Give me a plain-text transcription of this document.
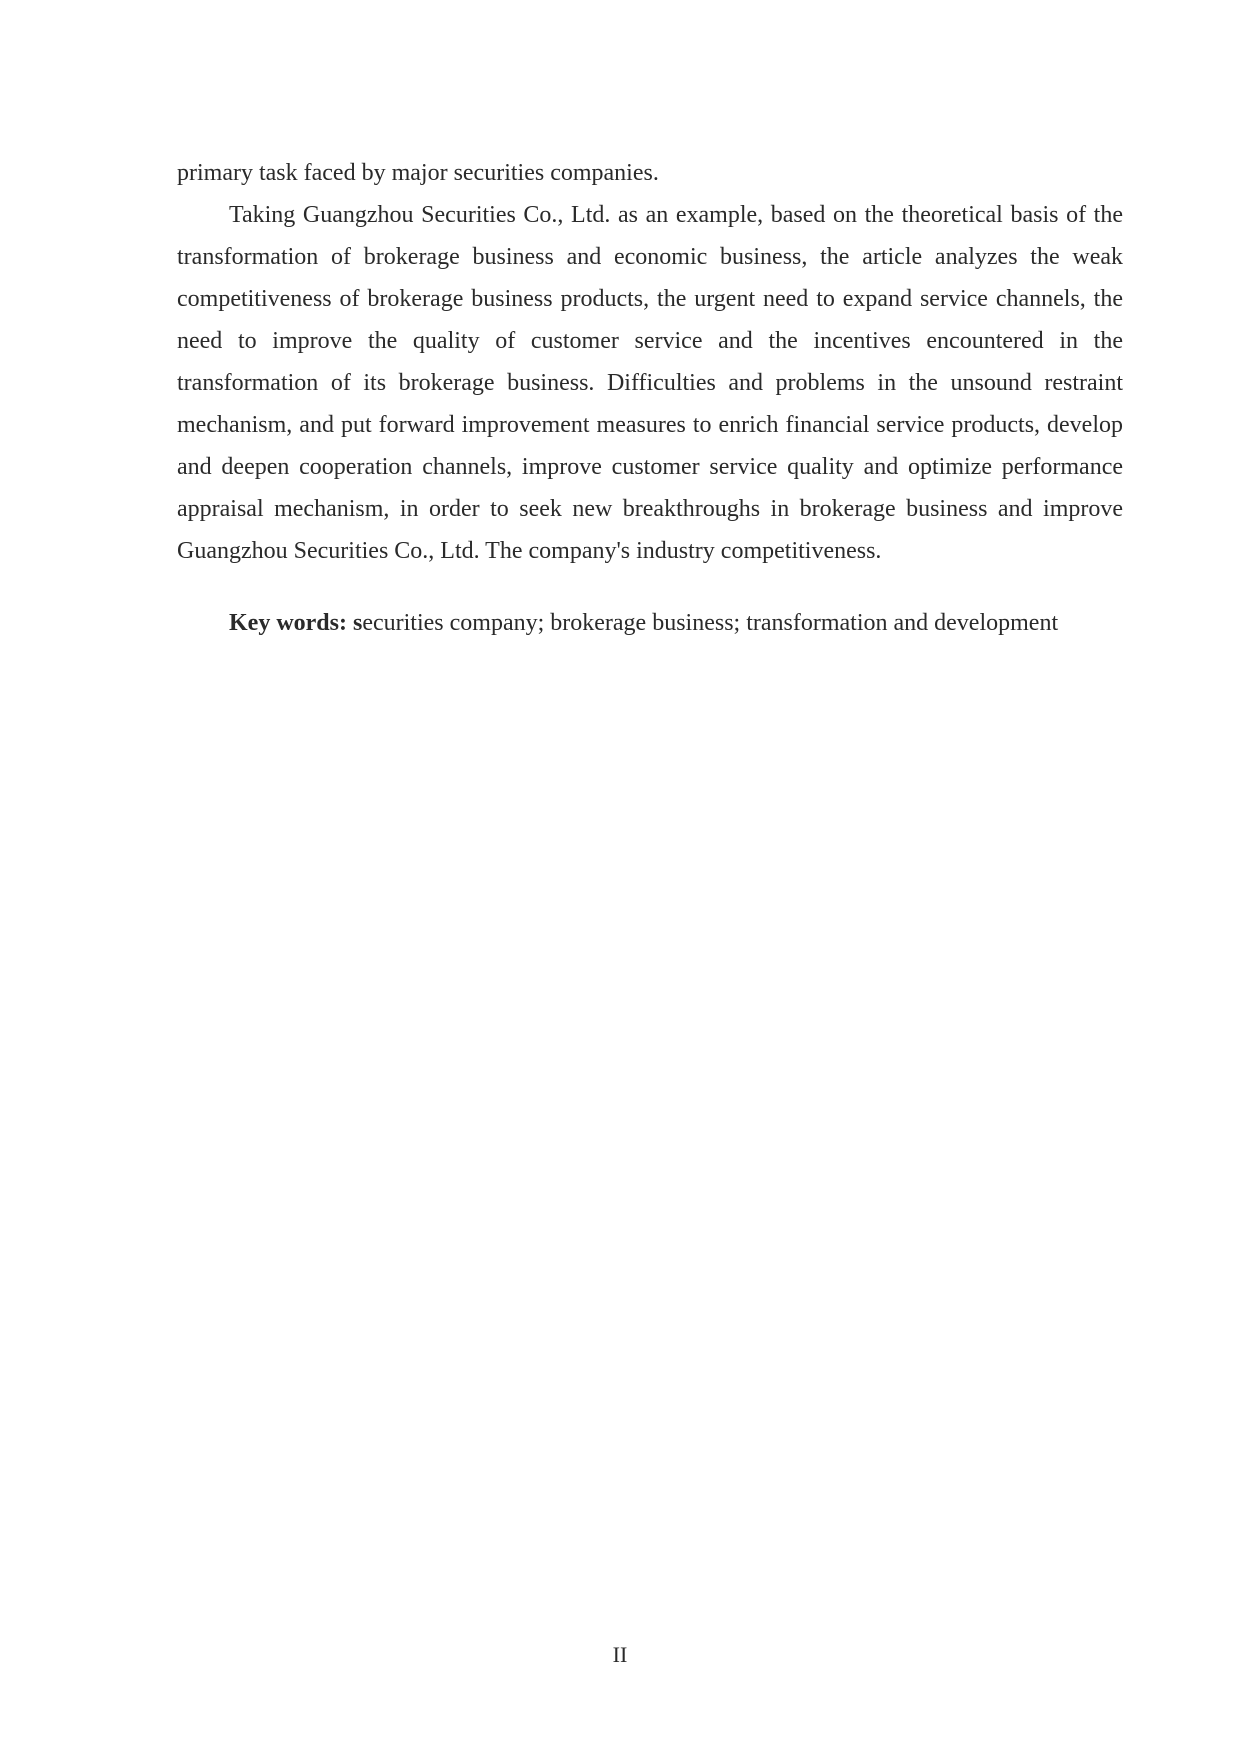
primary task faced by major securities companies.

Taking Guangzhou Securities Co., Ltd. as an example, based on the theoretical basis of the transformation of brokerage business and economic business, the article analyzes the weak competitiveness of brokerage business products, the urgent need to expand service channels, the need to improve the quality of customer service and the incentives encountered in the transformation of its brokerage business. Difficulties and problems in the unsound restraint mechanism, and put forward improvement measures to enrich financial service products, develop and deepen cooperation channels, improve customer service quality and optimize performance appraisal mechanism, in order to seek new breakthroughs in brokerage business and improve Guangzhou Securities Co., Ltd. The company's industry competitiveness.

Key words: securities company; brokerage business; transformation and development

II
